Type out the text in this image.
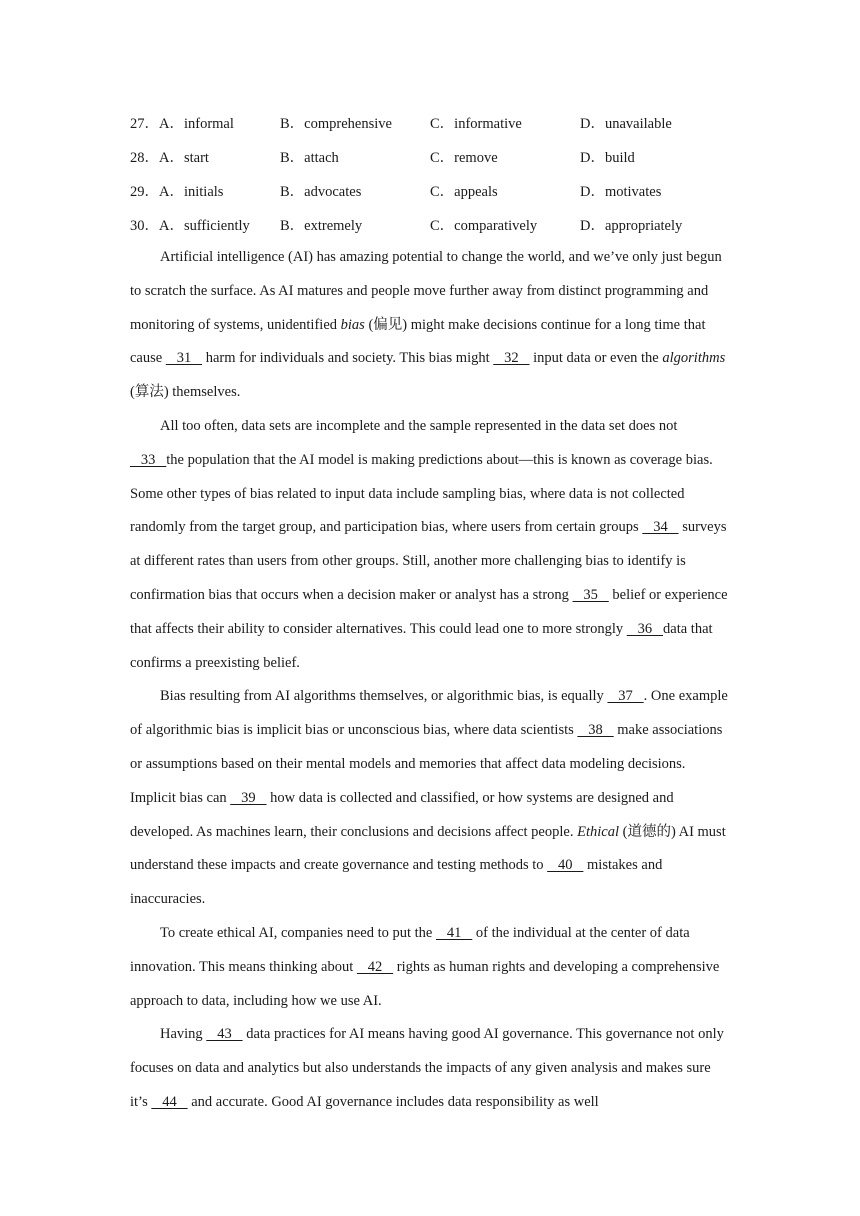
27．A．informal	B．comprehensive	C．informative	D．unavailable
28．A．start	B．attach	C．remove	D．build
29．A．initials	B．advocates	C．appeals	D．motivates
30．A．sufficiently	B．extremely	C．comparatively	D．appropriately

Artificial intelligence (AI) has amazing potential to change the world, and we’ve only just begun to scratch the surface. As AI matures and people move further away from distinct programming and monitoring of systems, unidentified bias (偏见) might make decisions continue for a long time that cause    31    harm for individuals and society. This bias might    32    input data or even the algorithms (算法) themselves.

All too often, data sets are incomplete and the sample represented in the data set does not    33   the population that the AI model is making predictions about—this is known as coverage bias. Some other types of bias related to input data include sampling bias, where data is not collected randomly from the target group, and participation bias, where users from certain groups    34    surveys at different rates than users from other groups. Still, another more challenging bias to identify is confirmation bias that occurs when a decision maker or analyst has a strong    35    belief or experience that affects their ability to consider alternatives. This could lead one to more strongly    36   data that confirms a preexisting belief.

Bias resulting from AI algorithms themselves, or algorithmic bias, is equally    37   . One example of algorithmic bias is implicit bias or unconscious bias, where data scientists    38    make associations or assumptions based on their mental models and memories that affect data modeling decisions. Implicit bias can    39    how data is collected and classified, or how systems are designed and developed. As machines learn, their conclusions and decisions affect people. Ethical (道德的) AI must understand these impacts and create governance and testing methods to    40    mistakes and inaccuracies.

To create ethical AI, companies need to put the    41    of the individual at the center of data innovation. This means thinking about    42    rights as human rights and developing a comprehensive approach to data, including how we use AI.

Having    43    data practices for AI means having good AI governance. This governance not only focuses on data and analytics but also understands the impacts of any given analysis and makes sure it’s    44    and accurate. Good AI governance includes data responsibility as well
